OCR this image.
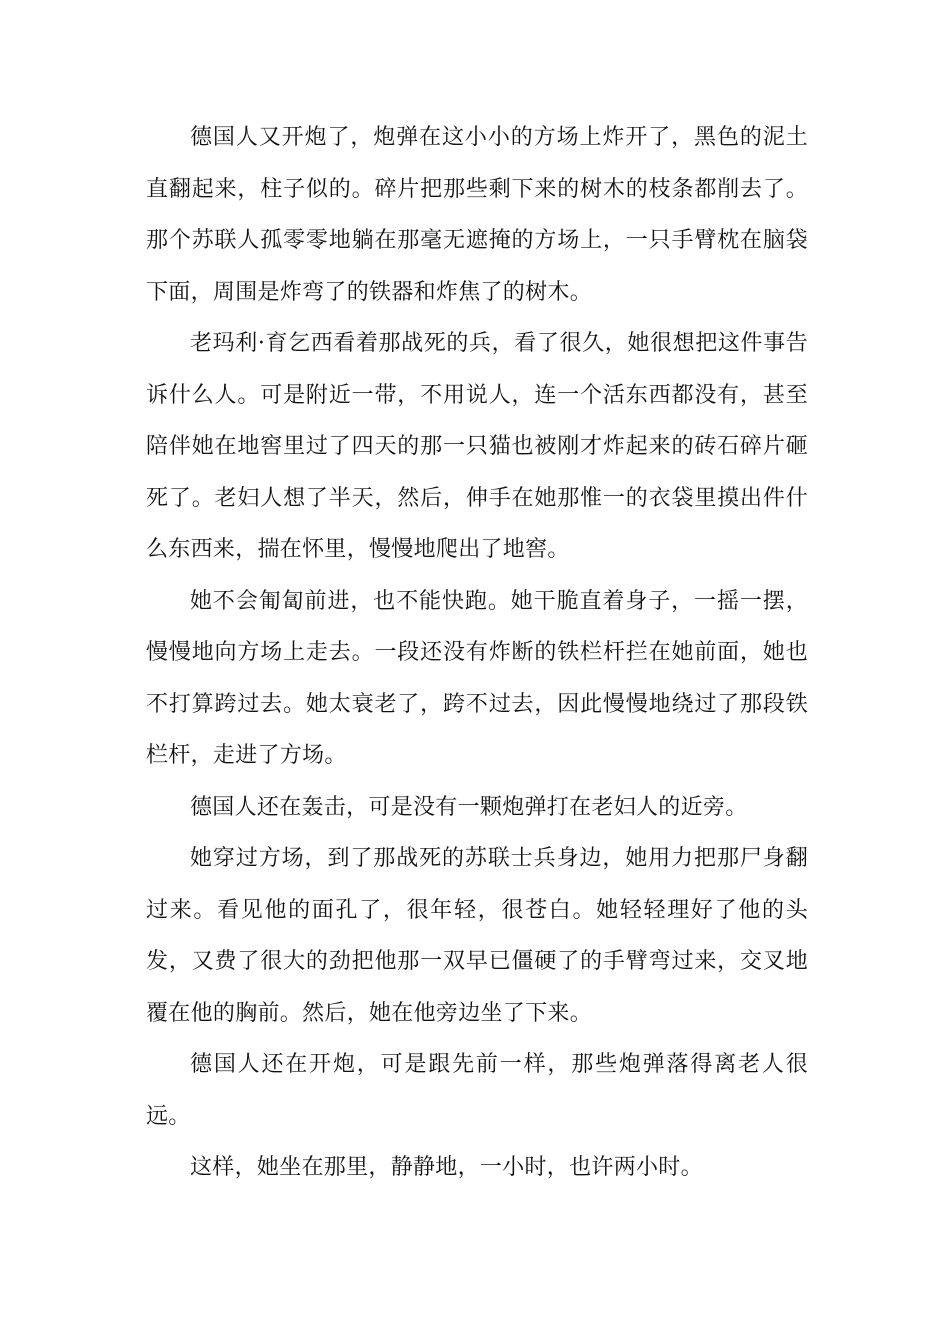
德国人又开炮了，炮弹在这小小的方场上炸开了，黑色的泥土直翻起来，柱子似的。碎片把那些剩下来的树木的枝条都削去了。那个苏联人孤零零地躺在那毫无遮掩的方场上，一只手臂枕在脑袋下面，周围是炸弯了的铁器和炸焦了的树木。

老玛利·育乞西看着那战死的兵，看了很久，她很想把这件事告诉什么人。可是附近一带，不用说人，连一个活东西都没有，甚至陪伴她在地窖里过了四天的那一只猫也被刚才炸起来的砖石碎片砸死了。老妇人想了半天，然后，伸手在她那惟一的衣袋里摸出件什么东西来，揣在怀里，慢慢地爬出了地窖。

她不会匍匐前进，也不能快跑。她干脆直着身子，一摇一摆，慢慢地向方场上走去。一段还没有炸断的铁栏杆拦在她前面，她也不打算跨过去。她太衰老了，跨不过去，因此慢慢地绕过了那段铁栏杆，走进了方场。

德国人还在轰击，可是没有一颗炮弹打在老妇人的近旁。

她穿过方场，到了那战死的苏联士兵身边，她用力把那尸身翻过来。看见他的面孔了，很年轻，很苍白。她轻轻理好了他的头发，又费了很大的劲把他那一双早已僵硬了的手臂弯过来，交叉地覆在他的胸前。然后，她在他旁边坐了下来。

德国人还在开炮，可是跟先前一样，那些炮弹落得离老人很远。

这样，她坐在那里，静静地，一小时，也许两小时。
